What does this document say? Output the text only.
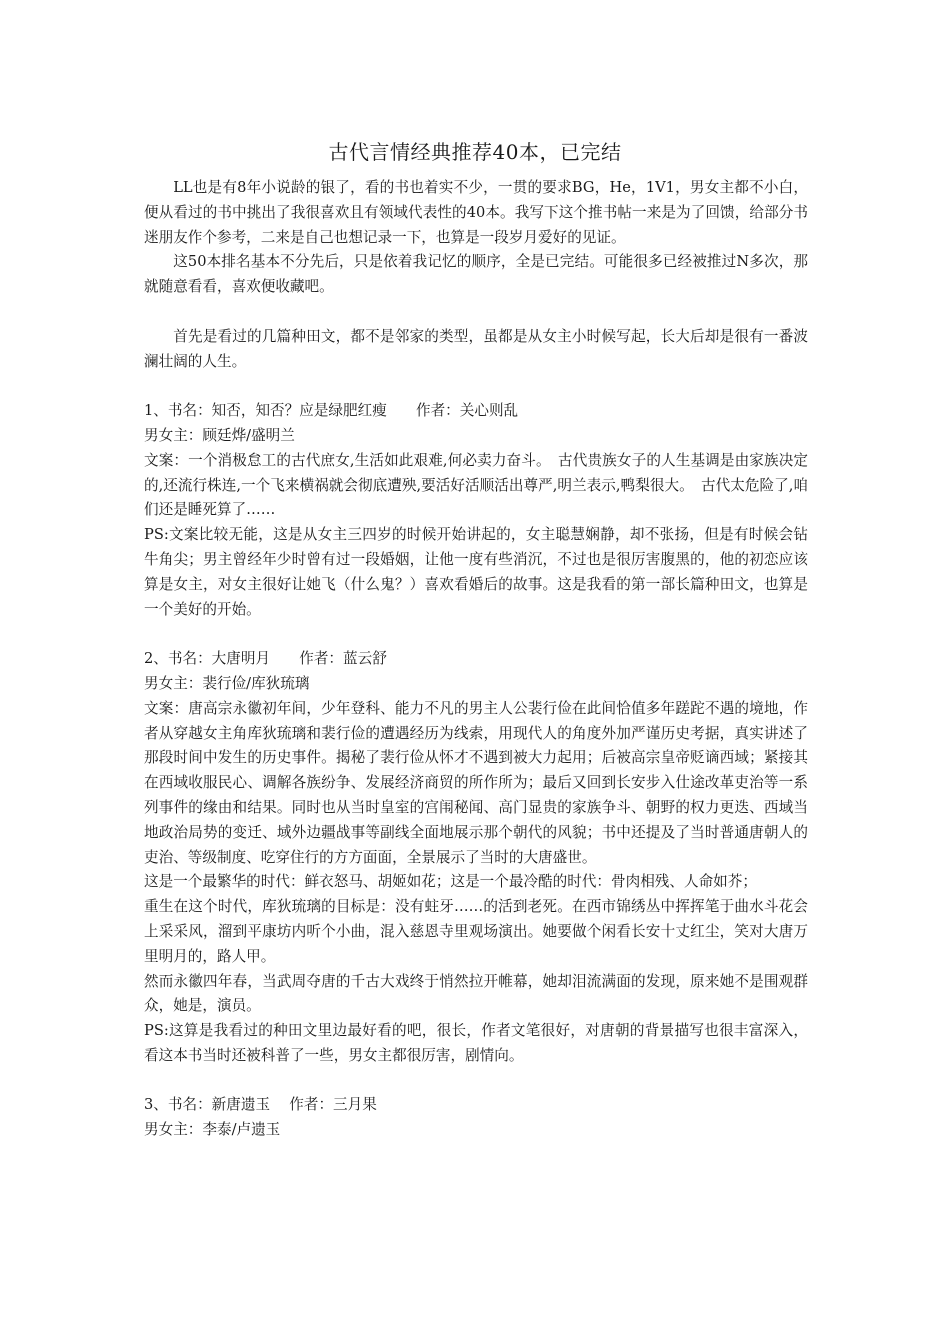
古代言情经典推荐40本，已完结

LL也是有8年小说龄的银了，看的书也着实不少，一贯的要求BG，He，1V1，男女主都不小白，便从看过的书中挑出了我很喜欢且有领域代表性的40本。我写下这个推书帖一来是为了回馈，给部分书迷朋友作个参考，二来是自己也想记录一下，也算是一段岁月爱好的见证。

这50本排名基本不分先后，只是依着我记忆的顺序，全是已完结。可能很多已经被推过N多次，那就随意看看，喜欢便收藏吧。

首先是看过的几篇种田文，都不是邻家的类型，虽都是从女主小时候写起，长大后却是很有一番波澜壮阔的人生。

1、书名：知否，知否？应是绿肥红瘦　　作者：关心则乱

男女主：顾廷烨/盛明兰

文案：一个消极怠工的古代庶女,生活如此艰难,何必卖力奋斗。　古代贵族女子的人生基调是由家族决定的,还流行株连,一个飞来横祸就会彻底遭殃,要活好活顺活出尊严,明兰表示,鸭梨很大。　古代太危险了,咱们还是睡死算了……

PS:文案比较无能，这是从女主三四岁的时候开始讲起的，女主聪慧娴静，却不张扬，但是有时候会钻牛角尖；男主曾经年少时曾有过一段婚姻，让他一度有些消沉，不过也是很厉害腹黑的，他的初恋应该算是女主，对女主很好让她飞（什么鬼？）喜欢看婚后的故事。这是我看的第一部长篇种田文，也算是一个美好的开始。

2、书名：大唐明月　　作者：蓝云舒

男女主：裴行俭/库狄琉璃

文案：唐高宗永徽初年间，少年登科、能力不凡的男主人公裴行俭在此间恰值多年蹉跎不遇的境地，作者从穿越女主角库狄琉璃和裴行俭的遭遇经历为线索，用现代人的角度外加严谨历史考据，真实讲述了那段时间中发生的历史事件。揭秘了裴行俭从怀才不遇到被大力起用；后被高宗皇帝贬谪西域；紧接其在西域收服民心、调解各族纷争、发展经济商贸的所作所为；最后又回到长安步入仕途改革吏治等一系列事件的缘由和结果。同时也从当时皇室的宫闱秘闻、高门显贵的家族争斗、朝野的权力更迭、西域当地政治局势的变迁、域外边疆战事等副线全面地展示那个朝代的风貌；书中还提及了当时普通唐朝人的吏治、等级制度、吃穿住行的方方面面，全景展示了当时的大唐盛世。

这是一个最繁华的时代：鲜衣怒马、胡姬如花；这是一个最冷酷的时代：骨肉相残、人命如芥；

重生在这个时代，库狄琉璃的目标是：没有蛀牙……的活到老死。在西市锦绣丛中挥挥笔于曲水斗花会上采采风，溜到平康坊内听个小曲，混入慈恩寺里观场演出。她要做个闲看长安十丈红尘，笑对大唐万里明月的，路人甲。

然而永徽四年春，当武周夺唐的千古大戏终于悄然拉开帷幕，她却泪流满面的发现，原来她不是围观群众，她是，演员。

PS:这算是我看过的种田文里边最好看的吧，很长，作者文笔很好，对唐朝的背景描写也很丰富深入，看这本书当时还被科普了一些，男女主都很厉害，剧情向。

3、书名：新唐遗玉　 作者：三月果

男女主：李泰/卢遗玉
